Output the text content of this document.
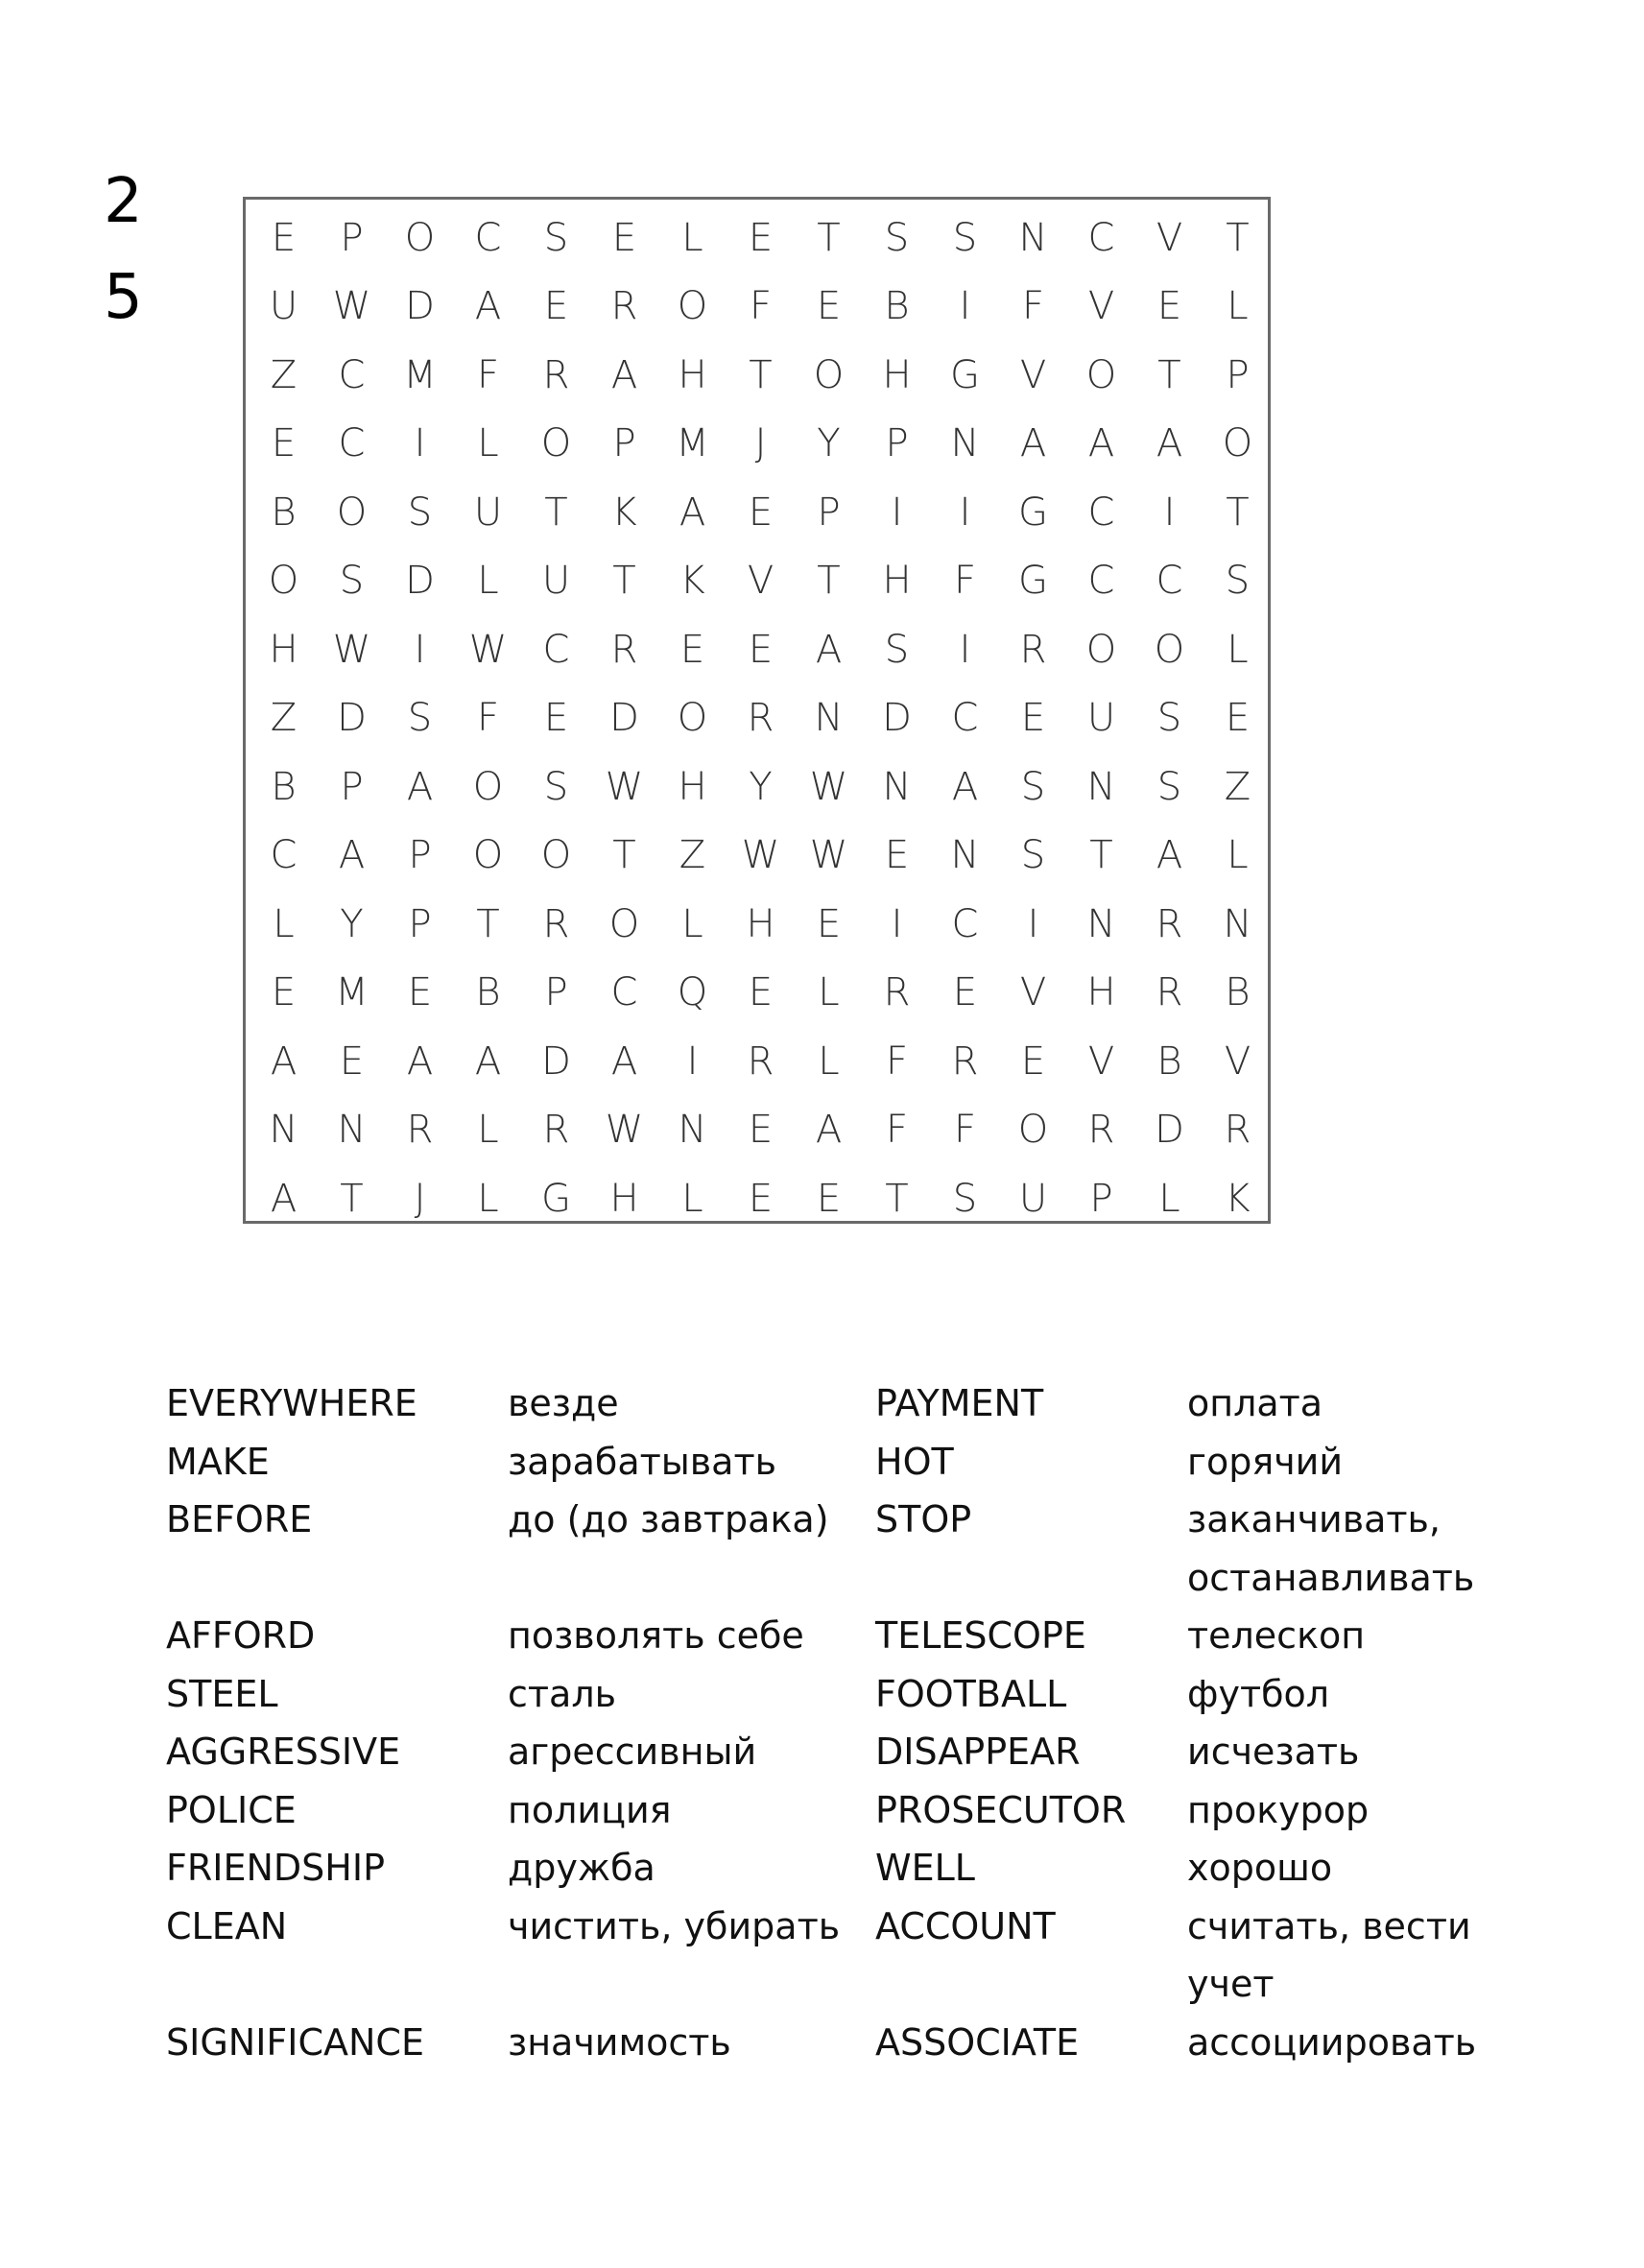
2
5
E	P	O	C	S	E	L	E	T	S	S	N	C	V	T
U W D	A	E	R	O	F	E	B	I	F	V	E	L
Z	C M	F	R	A	H	T	O	H	G	V	O	T	P
E	C	I	L	O	P	M	J	Y	P	N	A	A	A	O
B	O	S	U	T	K	A	E	P	I	I	G	C	I	T
O	S	D	L	U	T	K	V	T	H	F	G	C	C	S
H W	I	W C	R	E	E	A	S	I	R	O O	L
Z	D	S	F	E	D O	R	N	D	C	E	U	S	E
B	P	A	O	S W H	Y W N	A	S	N	S	Z
C	A	P	O O	T	Z W W E	N	S	T	A	L
L	Y	P	T	R	O	L	H	E	I	C	I	N	R	N
E	M	E	B	P	C	Q	E	L	R	E	V	H	R	B
A	E	A	A	D	A	I	R	L	F	R	E	V	B	V
N	N	R	L	R W N	E	A	F	F	O	R	D	R
A	T	J	L	G	H	L	E	E	T	S	U	P	L	K
EVERYWHERE везде	PAYMENT	оплата
MAKE	зарабатывать	HOT	горячий
BEFORE	до (до завтрака) STOP	заканчивать,
останавливать
AFFORD	позволять себе TELESCOPE	телескоп
STEEL	сталь	FOOTBALL	футбол
AGGRESSIVE	агрессивный	DISAPPEAR	исчезать
POLICE	полиция	PROSECUTOR прокурор
FRIENDSHIP	дружба	WELL	хорошо
CLEAN	чистить, убирать ACCOUNT	считать, вести
учет
SIGNIFICANCE значимость	ASSOCIATE	ассоциировать
